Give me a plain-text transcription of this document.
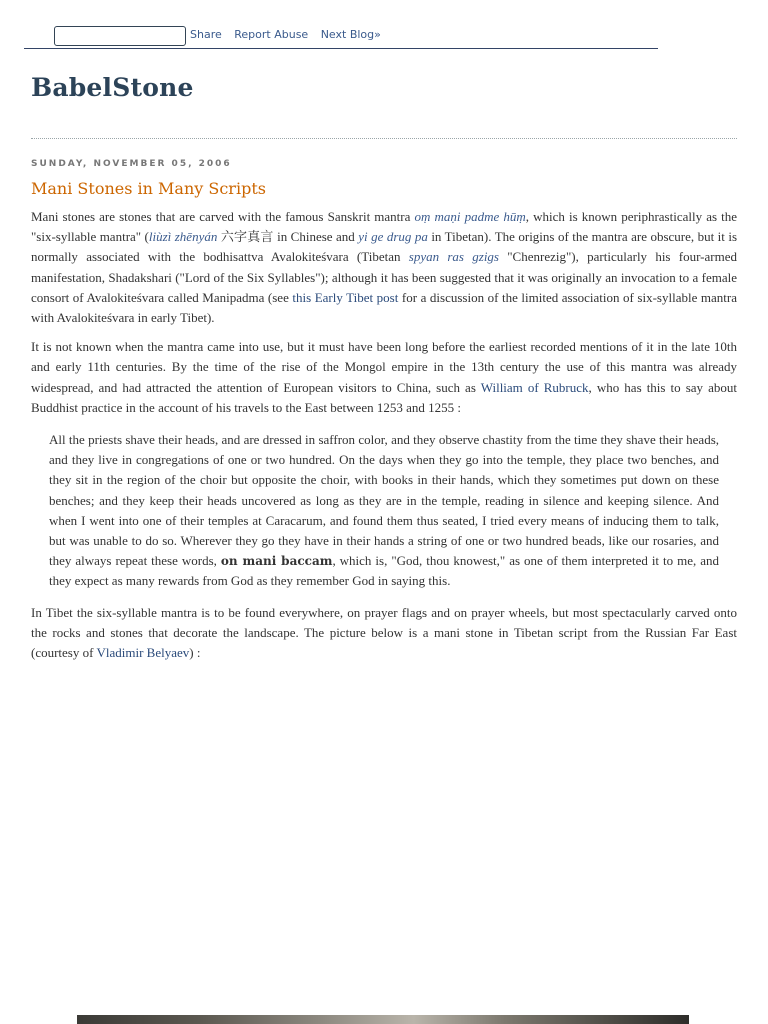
Share Report Abuse Next Blog»
BabelStone
SUNDAY, NOVEMBER 05, 2006
Mani Stones in Many Scripts

Mani stones are stones that are carved with the famous Sanskrit mantra oṃ maṇi padme hūṃ, which is known periphrastically as the "six-syllable mantra" (liùzì zhēnyán 六字真言 in Chinese and yi ge drug pa in Tibetan). The origins of the mantra are obscure, but it is normally associated with the bodhisattva Avalokiteśvara (Tibetan spyan ras gzigs "Chenrezig"), particularly his four-armed manifestation, Shadakshari ("Lord of the Six Syllables"); although it has been suggested that it was originally an invocation to a female consort of Avalokiteśvara called Manipadma (see this Early Tibet post for a discussion of the limited association of six-syllable mantra with Avalokiteśvara in early Tibet).

It is not known when the mantra came into use, but it must have been long before the earliest recorded mentions of it in the late 10th and early 11th centuries. By the time of the rise of the Mongol empire in the 13th century the use of this mantra was already widespread, and had attracted the attention of European visitors to China, such as William of Rubruck, who has this to say about Buddhist practice in the account of his travels to the East between 1253 and 1255 :

All the priests shave their heads, and are dressed in saffron color, and they observe chastity from the time they shave their heads, and they live in congregations of one or two hundred. On the days when they go into the temple, they place two benches, and they sit in the region of the choir but opposite the choir, with books in their hands, which they sometimes put down on these benches; and they keep their heads uncovered as long as they are in the temple, reading in silence and keeping silence. And when I went into one of their temples at Caracarum, and found them thus seated, I tried every means of inducing them to talk, but was unable to do so. Wherever they go they have in their hands a string of one or two hundred beads, like our rosaries, and they always repeat these words, on mani baccam, which is, "God, thou knowest," as one of them interpreted it to me, and they expect as many rewards from God as they remember God in saying this.

In Tibet the six-syllable mantra is to be found everywhere, on prayer flags and on prayer wheels, but most spectacularly carved onto the rocks and stones that decorate the landscape. The picture below is a mani stone in Tibetan script from the Russian Far East (courtesy of Vladimir Belyaev) :
